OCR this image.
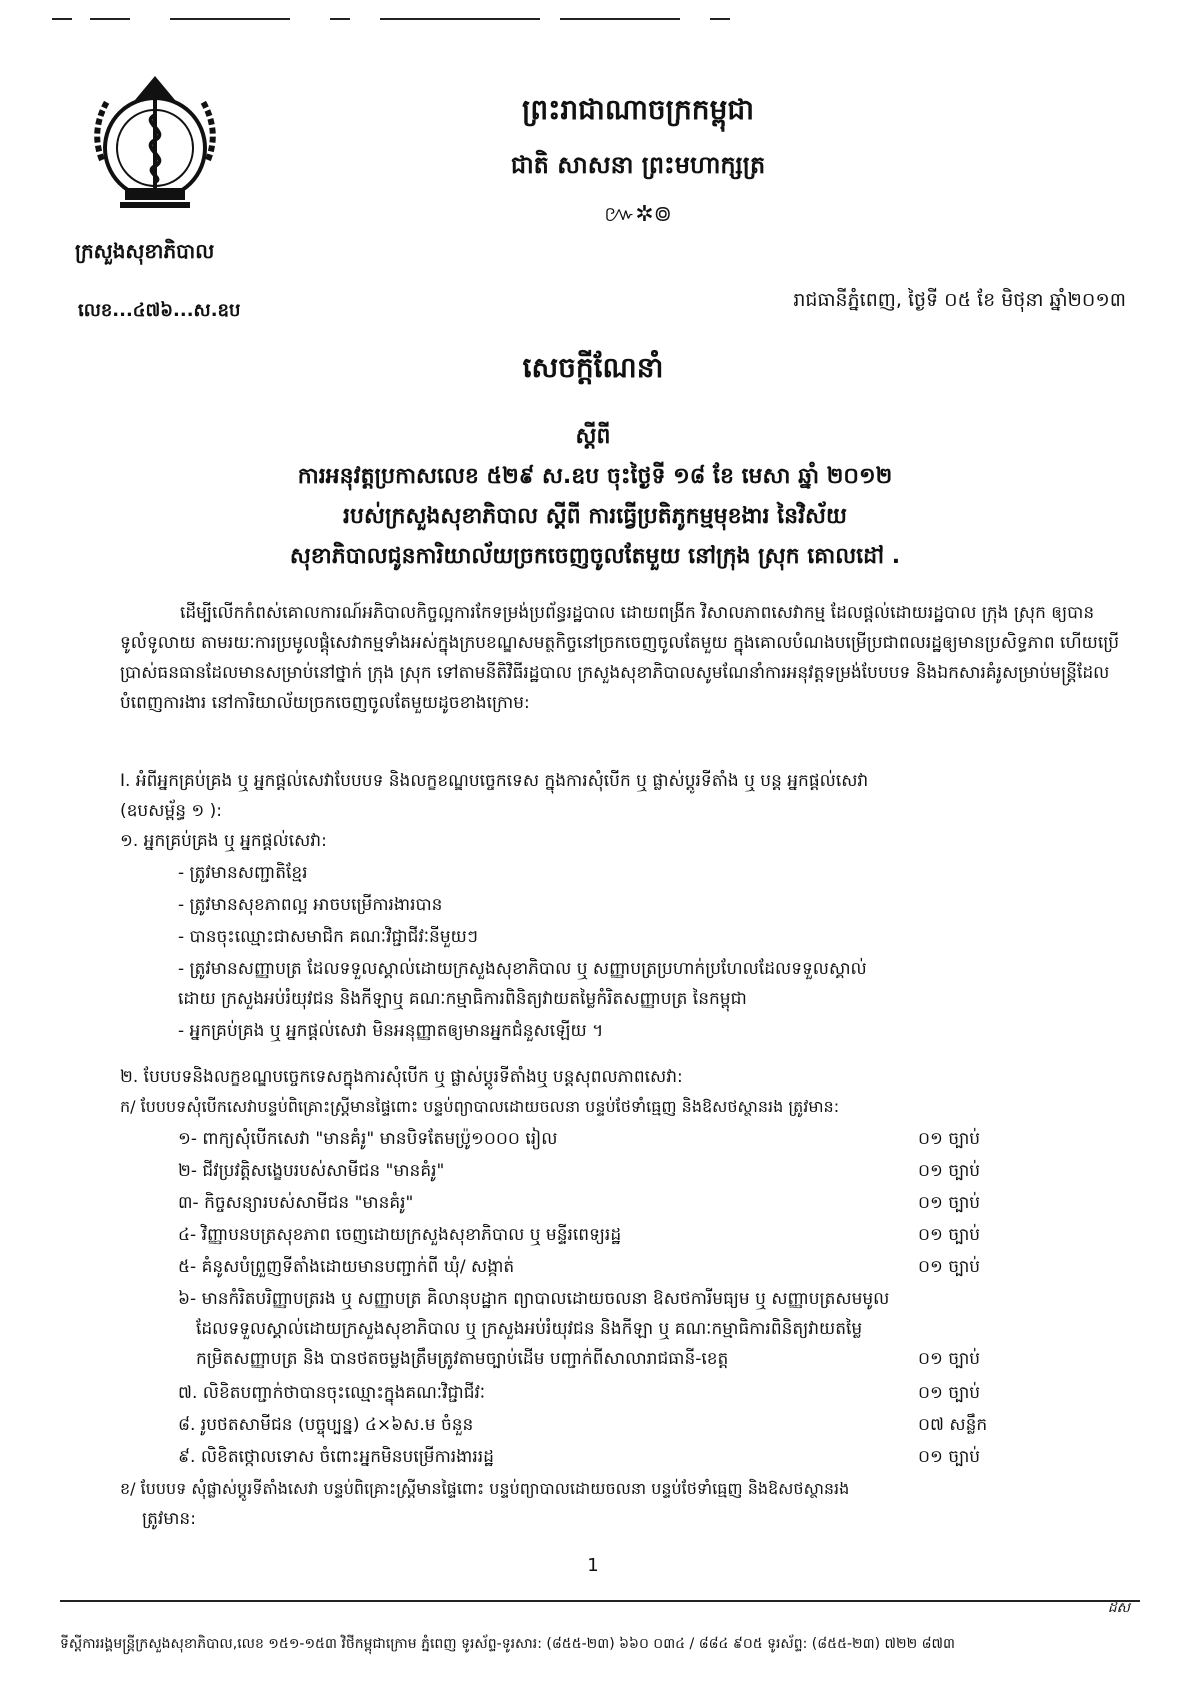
ក្រសួងសុខាភិបាល
លេខ...៤៧៦...ស.ឧប
ព្រះរាជាណាចក្រកម្ពុជា
ជាតិ សាសនា ព្រះមហាក្សត្រ
៚✲៙
រាជធានីភ្នំពេញ, ថ្ងៃទី ០៥ ខែ មិថុនា ឆ្នាំ២០១៣
សេចក្តីណែនាំ
ស្តីពី
ការអនុវត្តប្រកាសលេខ ៥២៩ ស.ឧប ចុះថ្ងៃទី ១៨ ខែ មេសា ឆ្នាំ ២០១២
របស់ក្រសួងសុខាភិបាល ស្តីពី ការធ្វើប្រតិភូកម្មមុខងារ នៃវិស័យ
សុខាភិបាលជូនការិយាល័យច្រកចេញចូលតែមួយ នៅក្រុង ស្រុក គោលដៅ .
ដើម្បីលើកកំពស់គោលការណ៍អភិបាលកិច្ចល្អការកែទម្រង់ប្រព័ន្ធរដ្ឋបាល ដោយពង្រីក វិសាលភាពសេវាកម្ម ដែលផ្តល់ដោយរដ្ឋបាល ក្រុង ស្រុក ឲ្យបានទូលំទូលាយ តាមរយៈការប្រមូលផ្តុំសេវាកម្មទាំងអស់ក្នុងក្របខណ្ឌសមត្ថកិច្ចនៅច្រកចេញចូលតែមួយ ក្នុងគោលបំណងបម្រើប្រជាពលរដ្ឋឲ្យមានប្រសិទ្ធភាព ហើយប្រើប្រាស់ធនធានដែលមានសម្រាប់នៅថ្នាក់ ក្រុង ស្រុក ទៅតាមនីតិវិធីរដ្ឋបាល ក្រសួងសុខាភិបាលសូមណែនាំការអនុវត្តទម្រង់បែបបទ និងឯកសារគំរូសម្រាប់មន្ត្រីដែលបំពេញការងារ នៅការិយាល័យច្រកចេញចូលតែមួយដូចខាងក្រោម:
I. អំពីអ្នកគ្រប់គ្រង ឬ អ្នកផ្តល់សេវាបែបបទ និងលក្ខខណ្ឌបច្ចេកទេស ក្នុងការសុំបើក ឬ ផ្លាស់ប្តូរទីតាំង ឬ បន្ត អ្នកផ្តល់សេវា
(ឧបសម្ព័ន្ធ ១ ):
១. អ្នកគ្រប់គ្រង ឬ អ្នកផ្តល់សេវា:
- ត្រូវមានសញ្ជាតិខ្មែរ
- ត្រូវមានសុខភាពល្អ អាចបម្រើការងារបាន
- បានចុះឈ្មោះជាសមាជិក គណៈវិជ្ជាជីវៈនីមួយៗ
- ត្រូវមានសញ្ញាបត្រ ដែលទទួលស្គាល់ដោយក្រសួងសុខាភិបាល ឬ សញ្ញាបត្រប្រហាក់ប្រហែលដែលទទួលស្គាល់
ដោយ ក្រសួងអប់រំយុវជន និងកីឡាឬ គណៈកម្មាធិការពិនិត្យវាយតម្លៃកំរិតសញ្ញាបត្រ នៃកម្ពុជា
- អ្នកគ្រប់គ្រង ឬ អ្នកផ្តល់សេវា មិនអនុញ្ញាតឲ្យមានអ្នកជំនួសឡើយ ។
២. បែបបទនិងលក្ខខណ្ឌបច្ចេកទេសក្នុងការសុំបើក ឬ ផ្លាស់ប្តូរទីតាំងឬ បន្តសុពលភាពសេវា:
ក/ បែបបទសុំបើកសេវាបន្ទប់ពិគ្រោះស្ត្រីមានផ្ទៃពោះ បន្ទប់ព្យាបាលដោយចលនា បន្ទប់ថែទាំធ្មេញ និងឱសថស្ថានរង ត្រូវមាន:
១- ពាក្យសុំបើកសេវា "មានគំរូ" មានបិទតែមប្រ៉ូ១០០០ រៀល	០១ ច្បាប់
២- ជីវប្រវត្តិសង្ខេបរបស់សាមីជន "មានគំរូ"	០១ ច្បាប់
៣- កិច្ចសន្យារបស់សាមីជន "មានគំរូ"	០១ ច្បាប់
៤- វិញ្ញាបនបត្រសុខភាព ចេញដោយក្រសួងសុខាភិបាល ឬ មន្ទីរពេទ្យរដ្ឋ	០១ ច្បាប់
៥- គំនូសបំព្រួញទីតាំងដោយមានបញ្ជាក់ពី ឃុំ/ សង្កាត់	០១ ច្បាប់
៦- មានកំរិតបរិញ្ញាបត្ររង ឬ សញ្ញាបត្រ គិលានុបដ្ឋាក ព្យាបាលដោយចលនា ឱសថការីមធ្យម ឬ សញ្ញាបត្រសមមូល
ដែលទទួលស្គាល់ដោយក្រសួងសុខាភិបាល ឬ ក្រសួងអប់រំយុវជន និងកីឡា ឬ គណៈកម្មាធិការពិនិត្យវាយតម្លៃ
កម្រិតសញ្ញាបត្រ និង បានថតចម្លងត្រឹមត្រូវតាមច្បាប់ដើម បញ្ជាក់ពីសាលារាជធានី-ខេត្ត	០១ ច្បាប់
៧. លិខិតបញ្ជាក់ថាបានចុះឈ្មោះក្នុងគណៈវិជ្ជាជីវៈ	០១ ច្បាប់
៨. រូបថតសាមីជន (បច្ចុប្បន្ន) ៤×៦ស.ម ចំនួន	០៧ សន្លឹក
៩. លិខិតថ្កោលទោស ចំពោះអ្នកមិនបម្រើការងាររដ្ឋ	០១ ច្បាប់
ខ/ បែបបទ សុំផ្លាស់ប្តូរទីតាំងសេវា បន្ទប់ពិគ្រោះស្ត្រីមានផ្ទៃពោះ បន្ទប់ព្យាបាលដោយចលនា បន្ទប់ថែទាំធ្មេញ និងឱសថស្ថានរង
ត្រូវមាន:
1
ដស
ទីស្តីការរង្គមន្ត្រីក្រសួងសុខាភិបាល,លេខ ១៥១-១៥៣ វិថីកម្ពុជាក្រោម ភ្នំពេញ ទូរស័ព្ទ-ទូរសារ: (៨៥៥-២៣) ៦៦០ ០៣៤ / ៨៨៤ ៩០៥ ទូរស័ព្ទ: (៨៥៥-២៣) ៧២២ ៨៧៣
